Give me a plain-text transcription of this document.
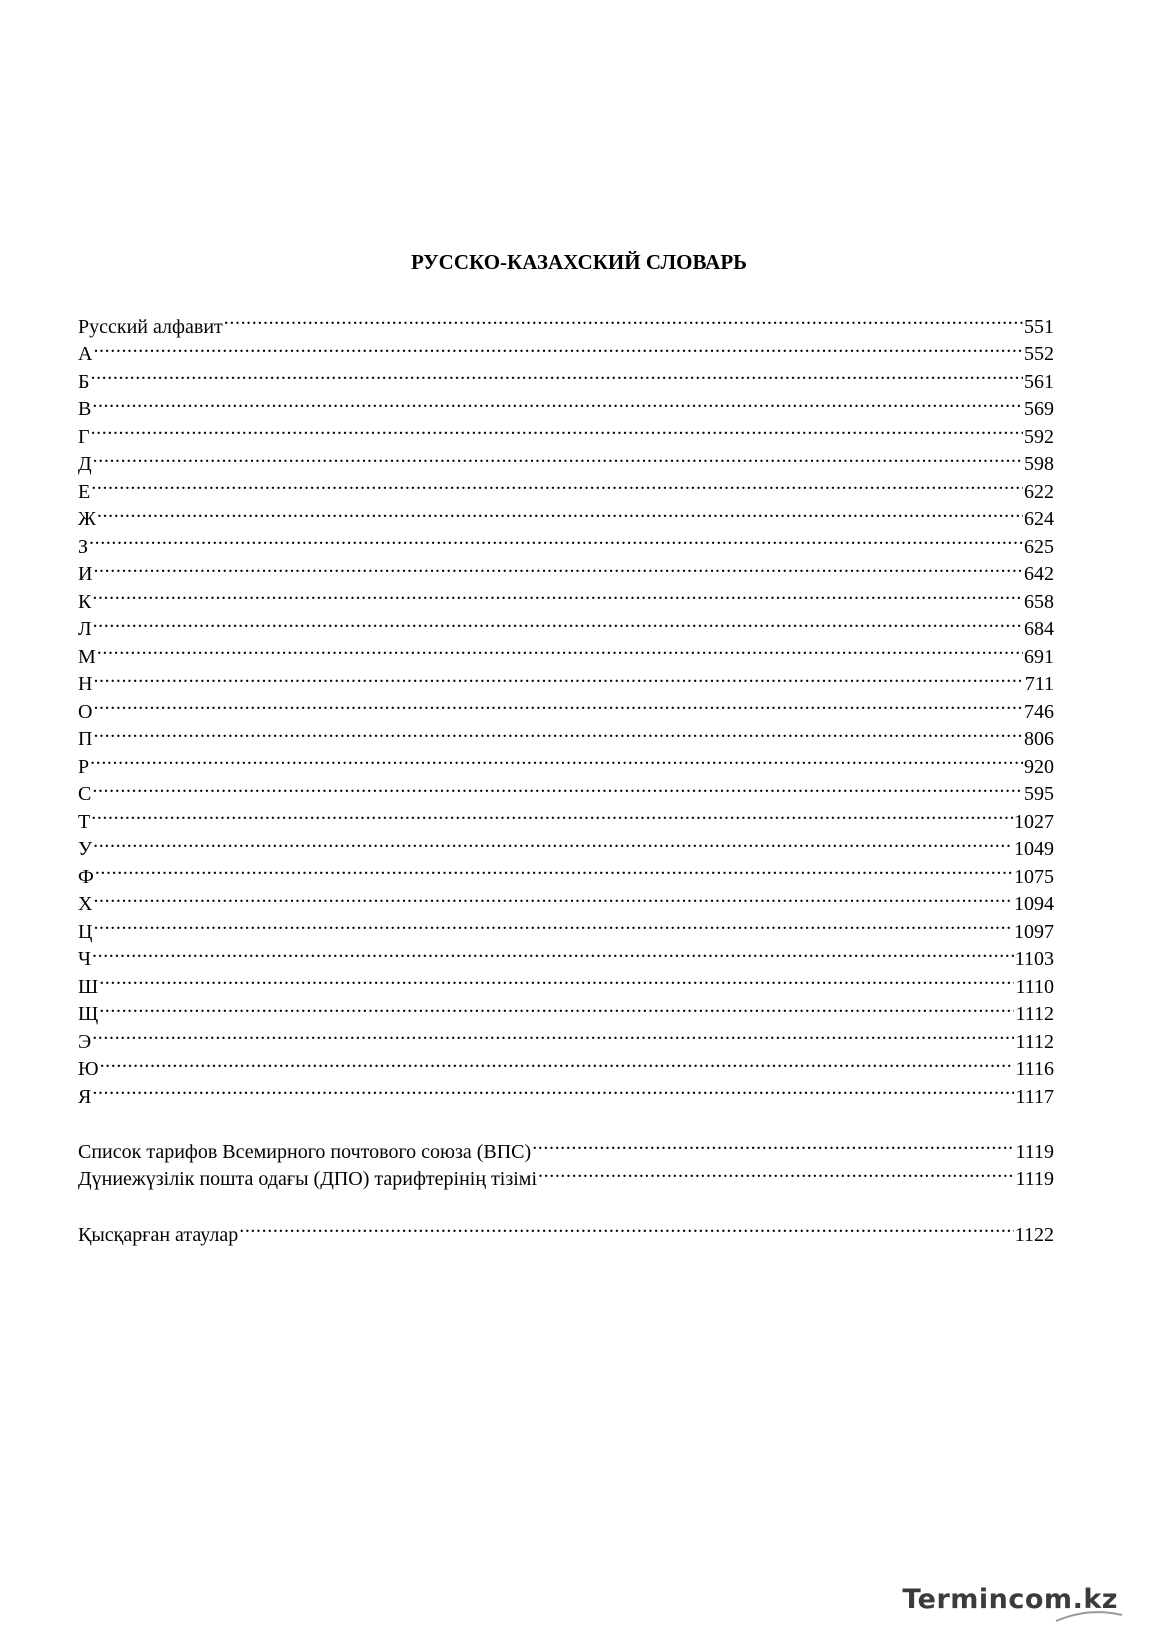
РУССКО-КАЗАХСКИЙ СЛОВАРЬ
Русский алфавит .....	551
А .....	552
Б .....	561
В .....	569
Г .....	592
Д .....	598
Е .....	622
Ж .....	624
З .....	625
И .....	642
К .....	658
Л .....	684
М .....	691
Н .....	711
О .....	746
П .....	806
Р .....	920
С .....	595
Т .....	1027
У .....	1049
Ф .....	1075
Х .....	1094
Ц .....	1097
Ч .....	1103
Ш .....	1110
Щ .....	1112
Э .....	1112
Ю .....	1116
Я .....	1117
Список тарифов Всемирного почтового союза (ВПС) .....	1119
Дүниежүзілік пошта одағы (ДПО) тарифтерінің тізімі .....	1119
Қысқарған атаулар .....	1122
Termincom.kz
